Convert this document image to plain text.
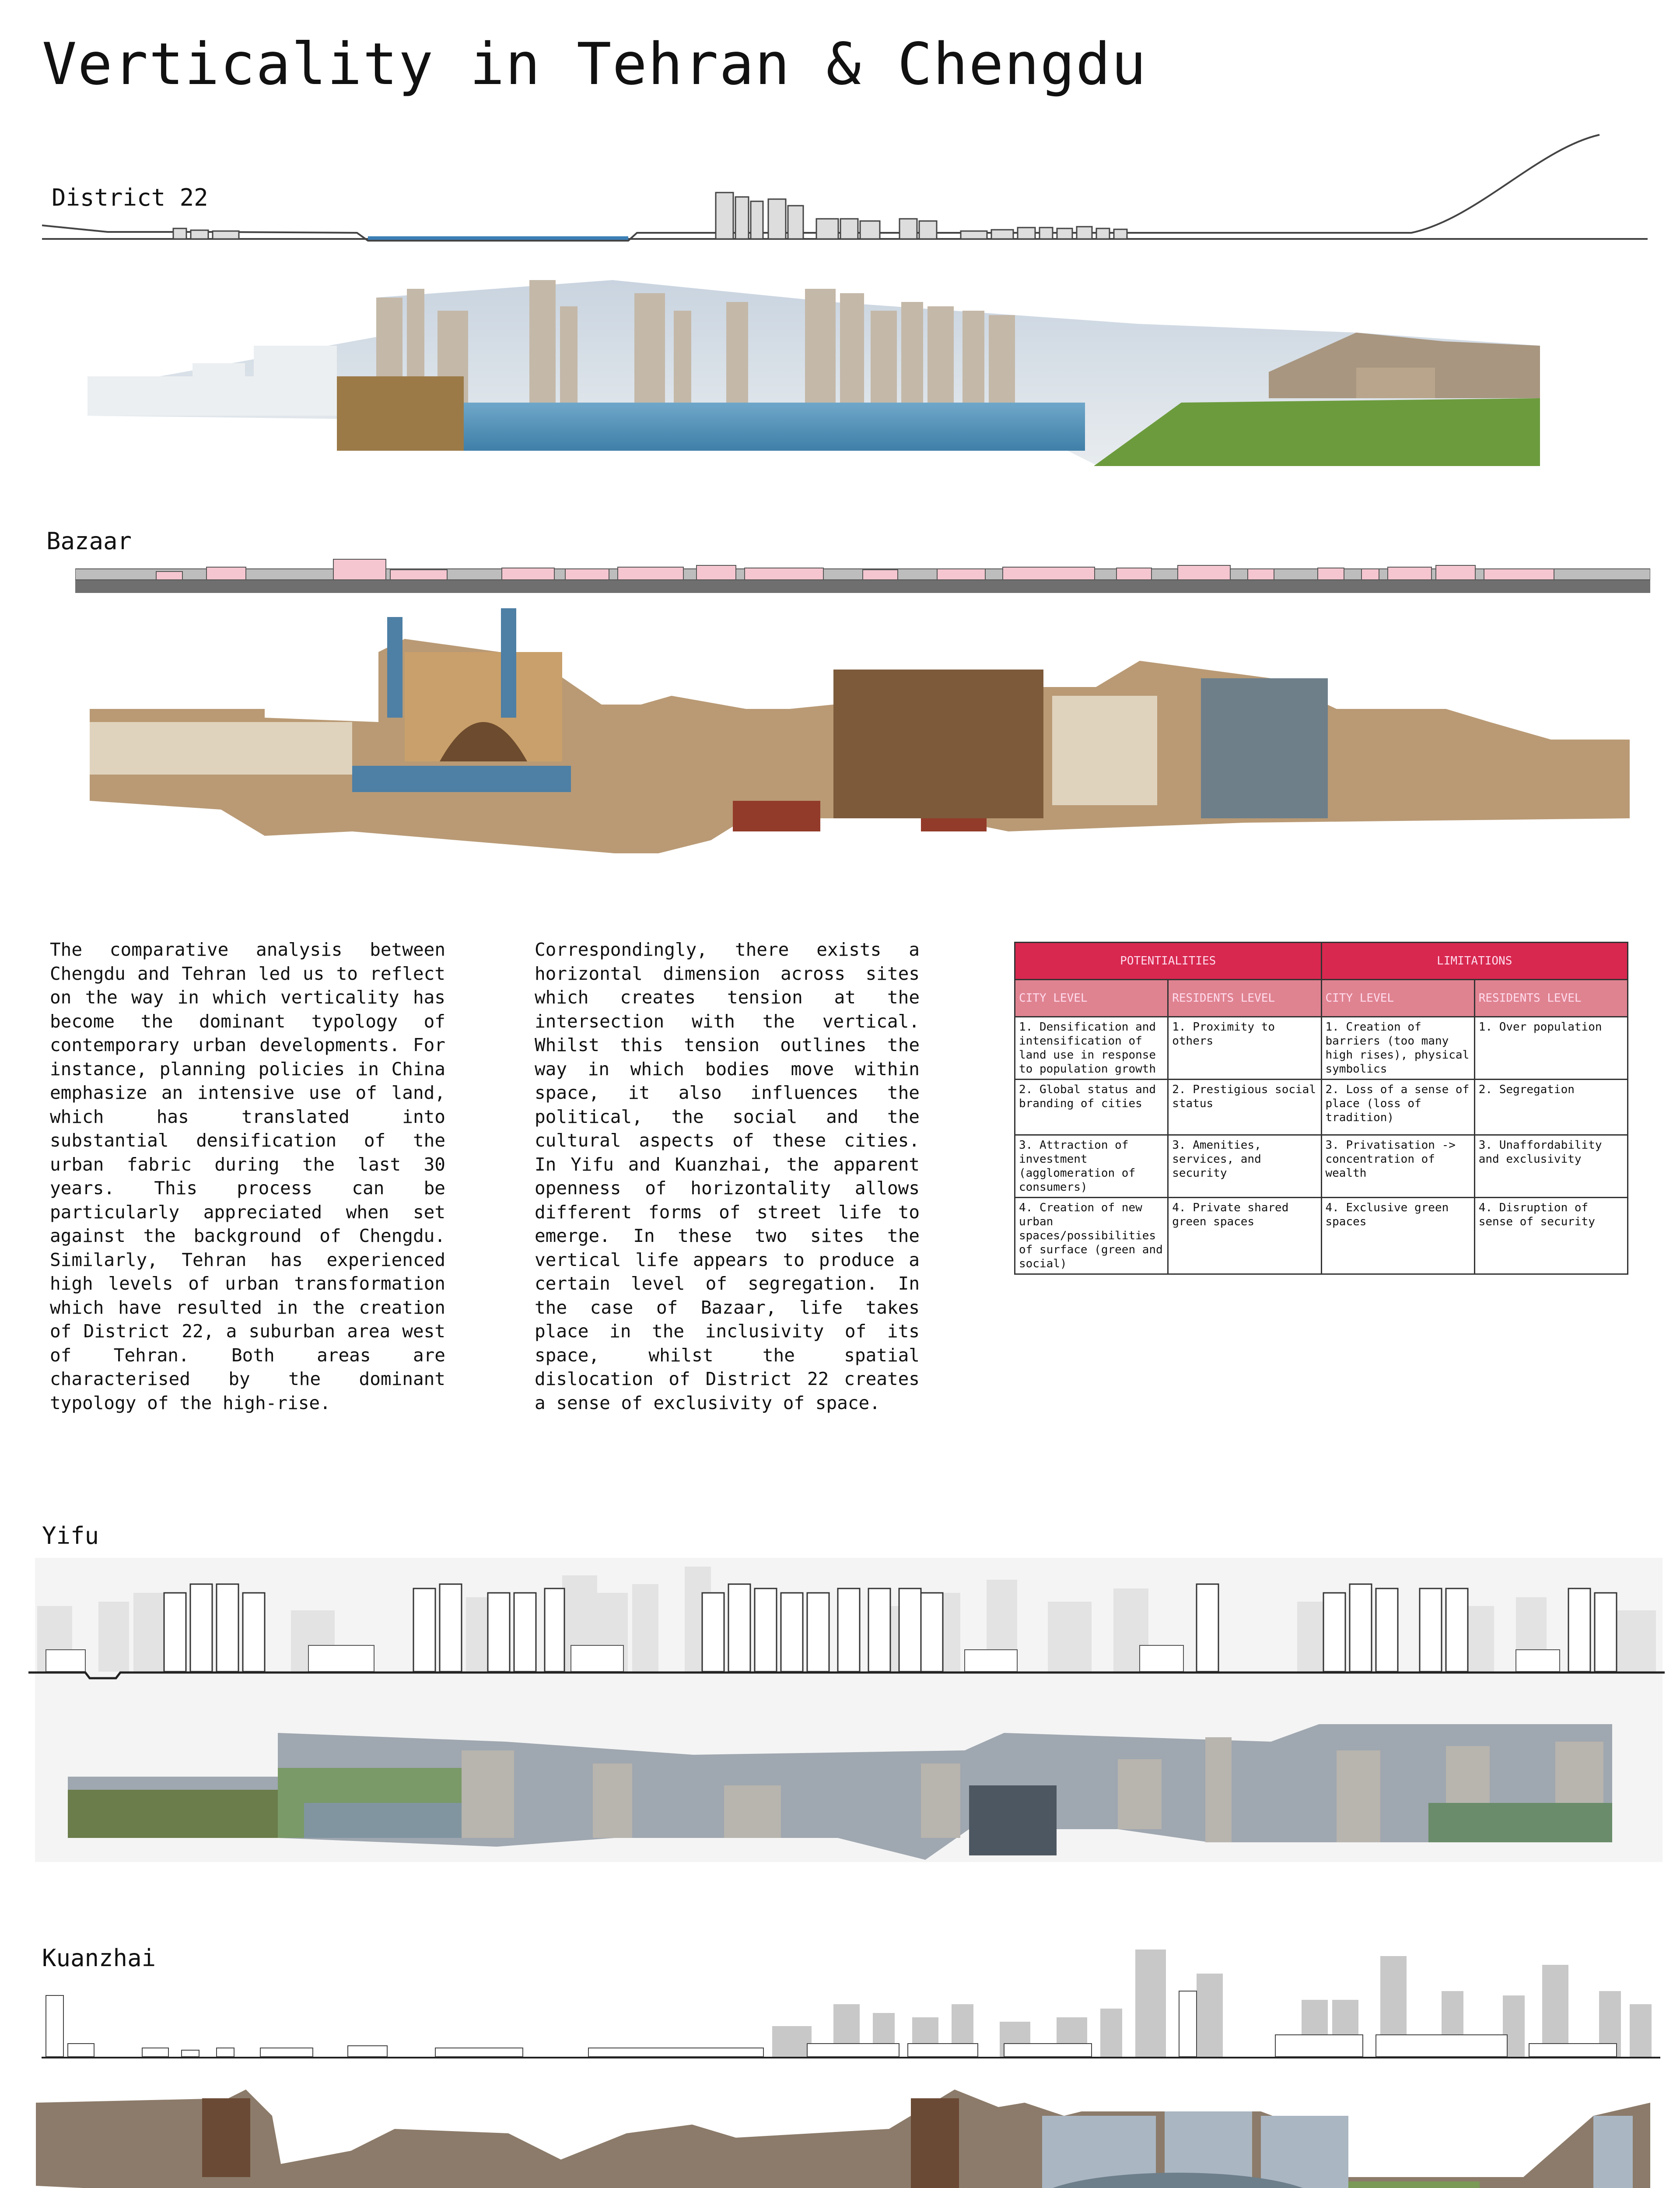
Verticality in Tehran & Chengdu
District 22
Bazaar
The comparative analysis between Chengdu and Tehran led us to reflect on the way in which verticality has become the dominant typology of contemporary urban developments. For instance, planning policies in China emphasize an intensive use of land, which has translated into substantial densification of the urban fabric during the last 30 years. This process can be particularly appreciated when set against the background of Chengdu. Similarly, Tehran has experienced high levels of urban transformation which have resulted in the creation of District 22, a suburban area west of Tehran. Both areas are characterised by the dominant typology of the high-rise.
Correspondingly, there exists a horizontal dimension across sites which creates tension at the intersection with the vertical. Whilst this tension outlines the way in which bodies move within space, it also influences the political, the social and the cultural aspects of these cities. In Yifu and Kuanzhai, the apparent openness of horizontality allows different forms of street life to emerge. In these two sites the vertical life appears to produce a certain level of segregation. In the case of Bazaar, life takes place in the inclusivity of its space, whilst the spatial dislocation of District 22 creates a sense of exclusivity of space.
POTENTIALITIES		LIMITATIONS	
CITY LEVEL	RESIDENTS LEVEL	CITY LEVEL	RESIDENTS LEVEL
1. Densification and intensification of land use in response to population growth	1. Proximity to others	1. Creation of barriers (too many high rises), physical symbolics	1. Over population
2. Global status and branding of cities	2. Prestigious social status	2. Loss of a sense of place (loss of tradition)	2. Segregation
3. Attraction of investment (agglomeration of consumers)	3. Amenities, services, and security	3. Privatisation -> concentration of wealth	3. Unaffordability and exclusivity
4. Creation of new urban spaces/possibilities of surface (green and social)	4. Private shared green spaces	4. Exclusive green spaces	4. Disruption of sense of security
Yifu
Kuanzhai
